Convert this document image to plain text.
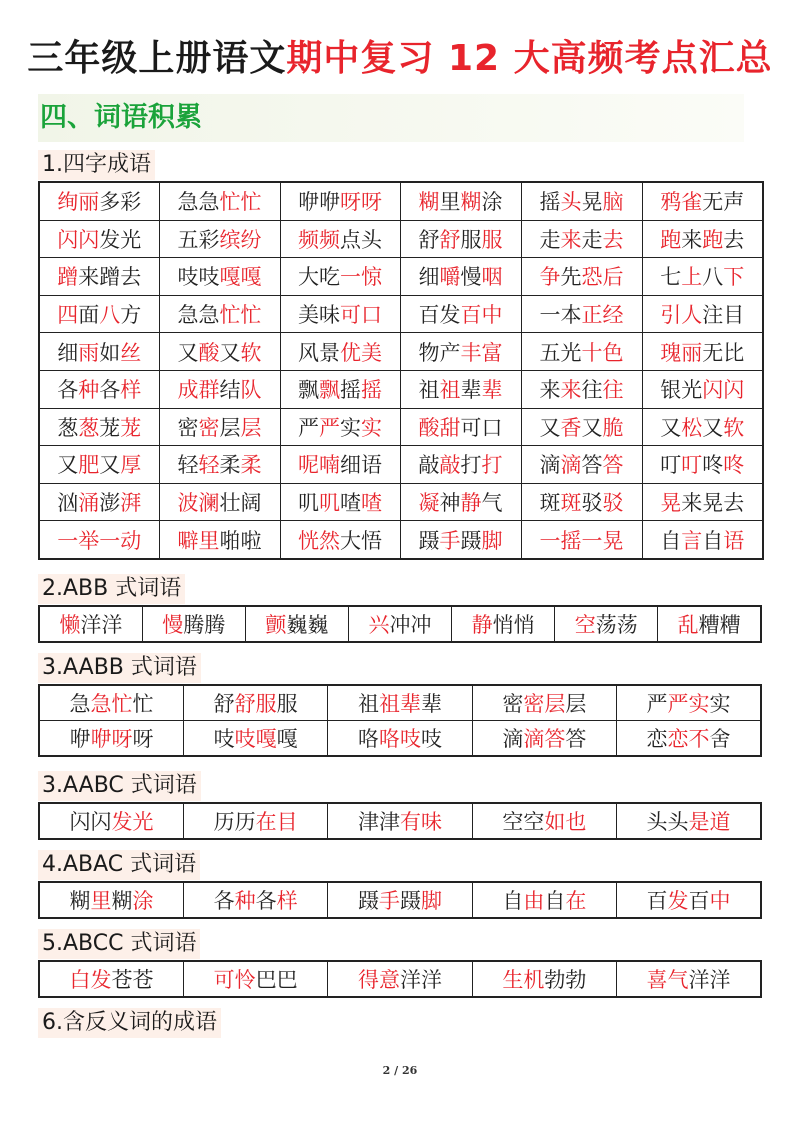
三年级上册语文期中复习 12 大高频考点汇总
四、词语积累
1.四字成语
绚丽多彩	急急忙忙	咿咿呀呀	糊里糊涂	摇头晃脑	鸦雀无声
闪闪发光	五彩缤纷	频频点头	舒舒服服	走来走去	跑来跑去
蹭来蹭去	吱吱嘎嘎	大吃一惊	细嚼慢咽	争先恐后	七上八下
四面八方	急急忙忙	美味可口	百发百中	一本正经	引人注目
细雨如丝	又酸又软	风景优美	物产丰富	五光十色	瑰丽无比
各种各样	成群结队	飘飘摇摇	祖祖辈辈	来来往往	银光闪闪
葱葱茏茏	密密层层	严严实实	酸甜可口	又香又脆	又松又软
又肥又厚	轻轻柔柔	呢喃细语	敲敲打打	滴滴答答	叮叮咚咚
汹涌澎湃	波澜壮阔	叽叽喳喳	凝神静气	斑斑驳驳	晃来晃去
一举一动	噼里啪啦	恍然大悟	蹑手蹑脚	一摇一晃	自言自语
2.ABB 式词语
懒洋洋	慢腾腾	颤巍巍	兴冲冲	静悄悄	空荡荡	乱糟糟
3.AABB 式词语
急急忙忙	舒舒服服	祖祖辈辈	密密层层	严严实实
咿咿呀呀	吱吱嘎嘎	咯咯吱吱	滴滴答答	恋恋不舍
3.AABC 式词语
闪闪发光	历历在目	津津有味	空空如也	头头是道
4.ABAC 式词语
糊里糊涂	各种各样	蹑手蹑脚	自由自在	百发百中
5.ABCC 式词语
白发苍苍	可怜巴巴	得意洋洋	生机勃勃	喜气洋洋
6.含反义词的成语
2 / 26
